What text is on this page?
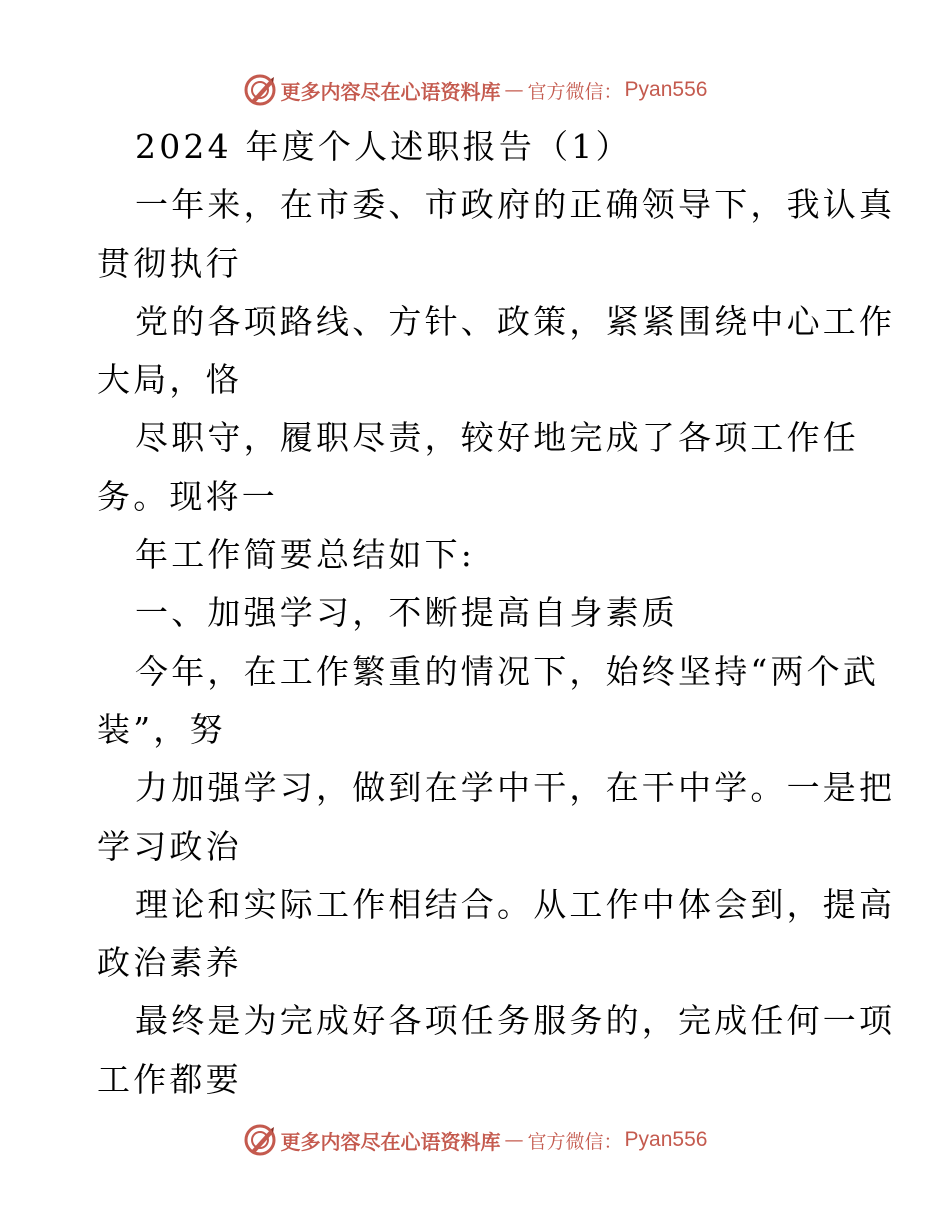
更多内容尽在心语资料库 — 官方微信： Pyan556
2024 年度个人述职报告（1）
一年来，在市委、市政府的正确领导下，我认真
贯彻执行
党的各项路线、方针、政策，紧紧围绕中心工作
大局，恪
尽职守，履职尽责，较好地完成了各项工作任
务。现将一
年工作简要总结如下:
一、加强学习，不断提高自身素质
今年，在工作繁重的情况下，始终坚持“两个武
装”，努
力加强学习，做到在学中干，在干中学。一是把
学习政治
理论和实际工作相结合。从工作中体会到，提高
政治素养
最终是为完成好各项任务服务的，完成任何一项
工作都要
更多内容尽在心语资料库 — 官方微信： Pyan556
